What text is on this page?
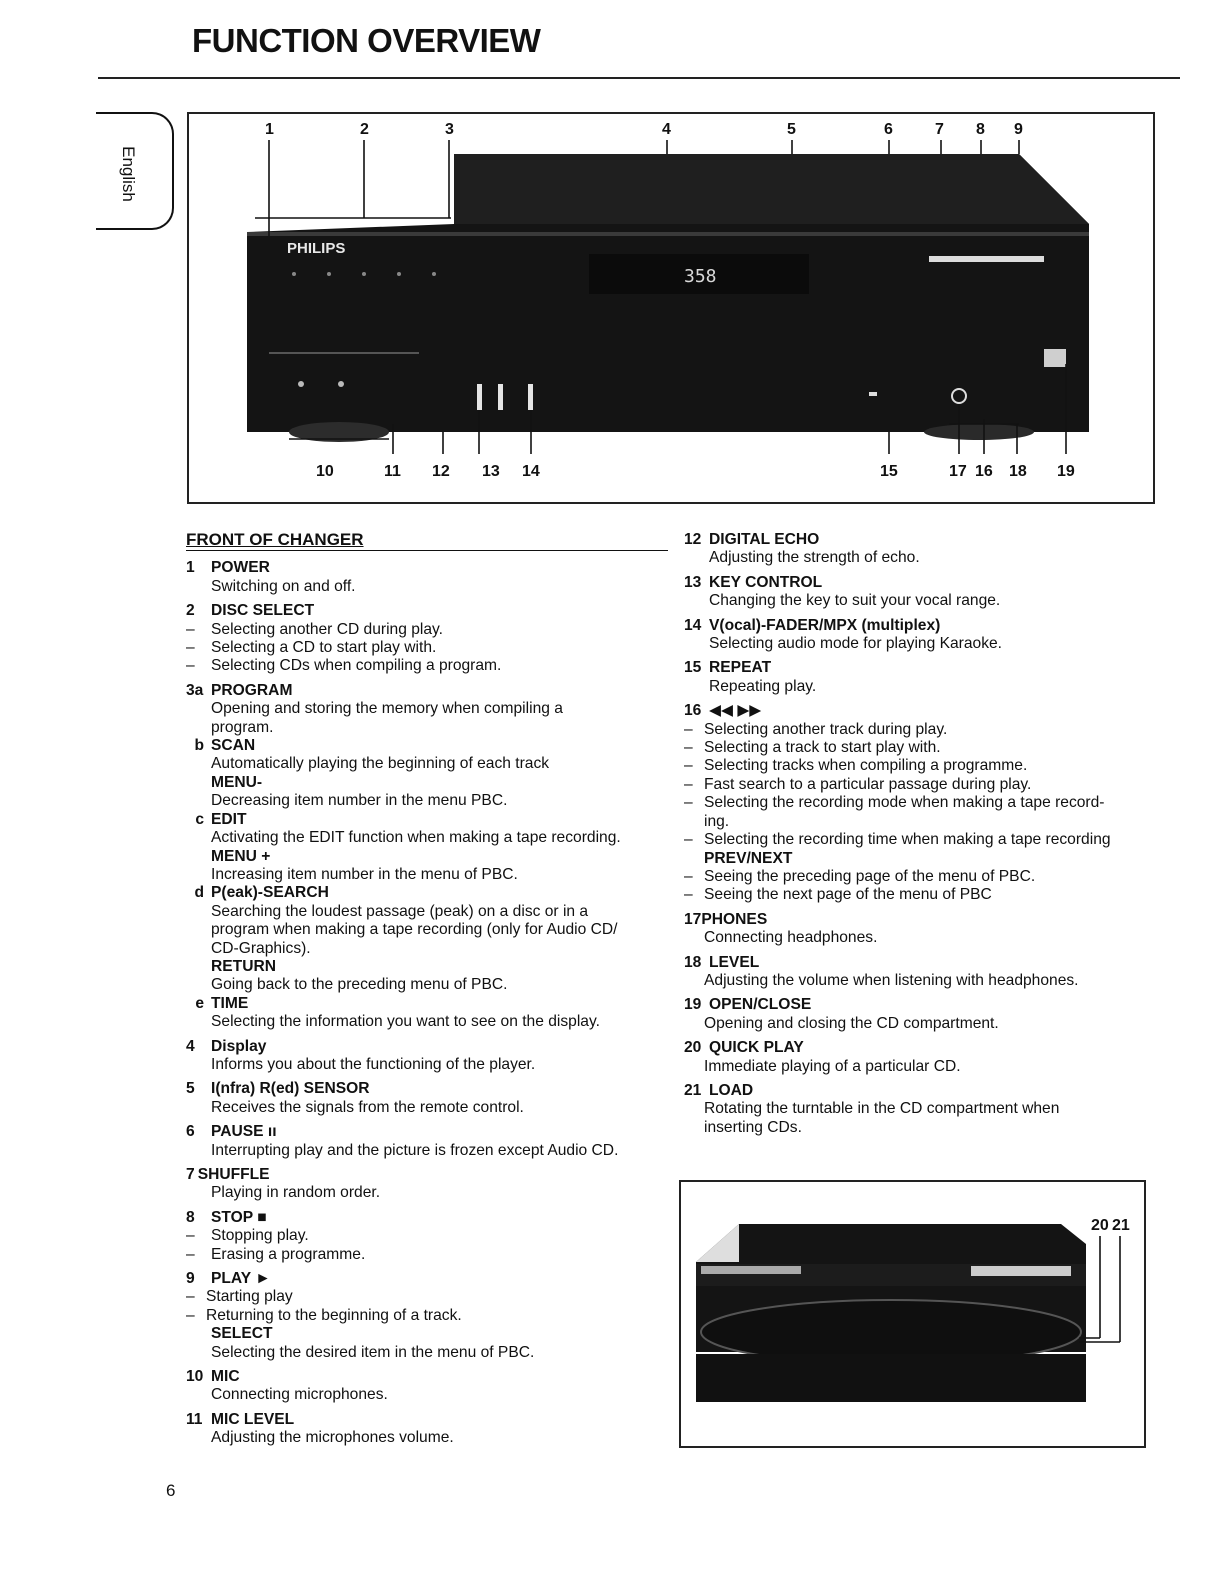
FUNCTION OVERVIEW
English
PHILIPS
358
1	2	3	4	5	6	7 8 9
10	11 12 13 14	15	17 16 18 19
FRONT OF CHANGER
1	POWER
Switching on and off.
2	DISC SELECT
–	Selecting another CD during play.
–	Selecting a CD to start play with.
–	Selecting CDs when compiling a program.
3a PROGRAM
Opening and storing the memory when compiling a
program.
b SCAN
Automatically playing the beginning of each track
MENU-
Decreasing item number in the menu PBC.
c EDIT
Activating the EDIT function when making a tape recording.
MENU +
Increasing item number in the menu of PBC.
d P(eak)-SEARCH
Searching the loudest passage (peak) on a disc or in a
program when making a tape recording (only for Audio CD/
CD-Graphics).
RETURN
Going back to the preceding menu of PBC.
e TIME
Selecting the information you want to see on the display.
4	Display
Informs you about the functioning of the player.
5	I(nfra) R(ed) SENSOR
Receives the signals from the remote control.
6	PAUSE ıı
Interrupting play and the picture is frozen except Audio CD.
7 SHUFFLE
Playing in random order.
8	STOP ■
–	Stopping play.
–	Erasing a programme.
9	PLAY ►
– Starting play
– Returning to the beginning of a track.
SELECT
Selecting the desired item in the menu of PBC.
10 MIC
Connecting microphones.
11 MIC LEVEL
Adjusting the microphones volume.
12 DIGITAL ECHO
Adjusting the strength of echo.
13 KEY CONTROL
Changing the key to suit your vocal range.
14 V(ocal)-FADER/MPX (multiplex)
Selecting audio mode for playing Karaoke.
15 REPEAT
Repeating play.
16 ◀◀ ▶▶
– Selecting another track during play.
– Selecting a track to start play with.
– Selecting tracks when compiling a programme.
– Fast search to a particular passage during play.
– Selecting the recording mode when making a tape record-
ing.
– Selecting the recording time when making a tape recording
PREV/NEXT
– Seeing the preceding page of the menu of PBC.
– Seeing the next page of the menu of PBC
17 PHONES
Connecting headphones.
18 LEVEL
Adjusting the volume when listening with headphones.
19 OPEN/CLOSE
Opening and closing the CD compartment.
20 QUICK PLAY
Immediate playing of a particular CD.
21 LOAD
Rotating the turntable in the CD compartment when
inserting CDs.
20 21
6
